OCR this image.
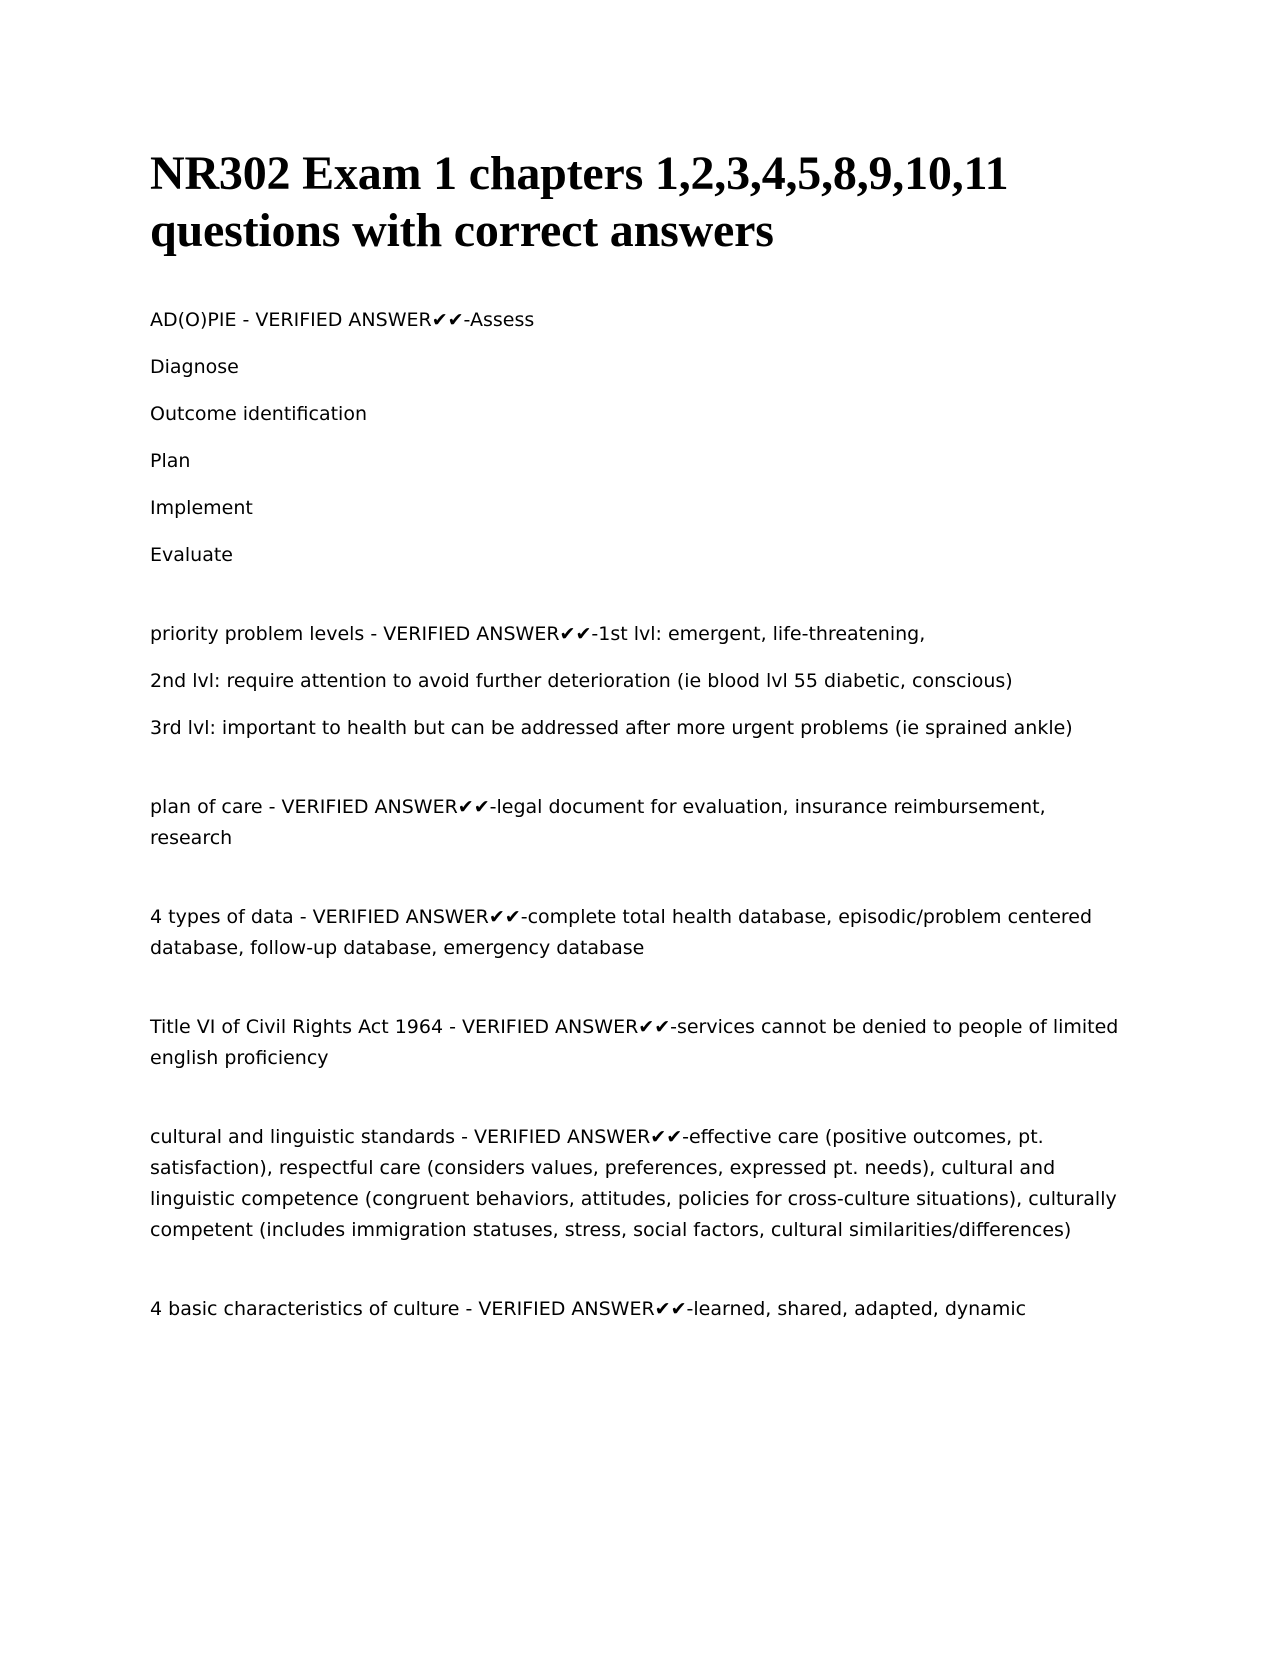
NR302 Exam 1 chapters 1,2,3,4,5,8,9,10,11 questions with correct answers

AD(O)PIE - VERIFIED ANSWER✔✔-Assess

Diagnose

Outcome identification

Plan

Implement

Evaluate

priority problem levels - VERIFIED ANSWER✔✔-1st lvl: emergent, life-threatening,

2nd lvl: require attention to avoid further deterioration (ie blood lvl 55 diabetic, conscious)

3rd lvl: important to health but can be addressed after more urgent problems (ie sprained ankle)

plan of care - VERIFIED ANSWER✔✔-legal document for evaluation, insurance reimbursement, research

4 types of data - VERIFIED ANSWER✔✔-complete total health database, episodic/problem centered database, follow-up database, emergency database

Title VI of Civil Rights Act 1964 - VERIFIED ANSWER✔✔-services cannot be denied to people of limited english proficiency

cultural and linguistic standards - VERIFIED ANSWER✔✔-effective care (positive outcomes, pt. satisfaction), respectful care (considers values, preferences, expressed pt. needs), cultural and linguistic competence (congruent behaviors, attitudes, policies for cross-culture situations), culturally competent (includes immigration statuses, stress, social factors, cultural similarities/differences)

4 basic characteristics of culture - VERIFIED ANSWER✔✔-learned, shared, adapted, dynamic
